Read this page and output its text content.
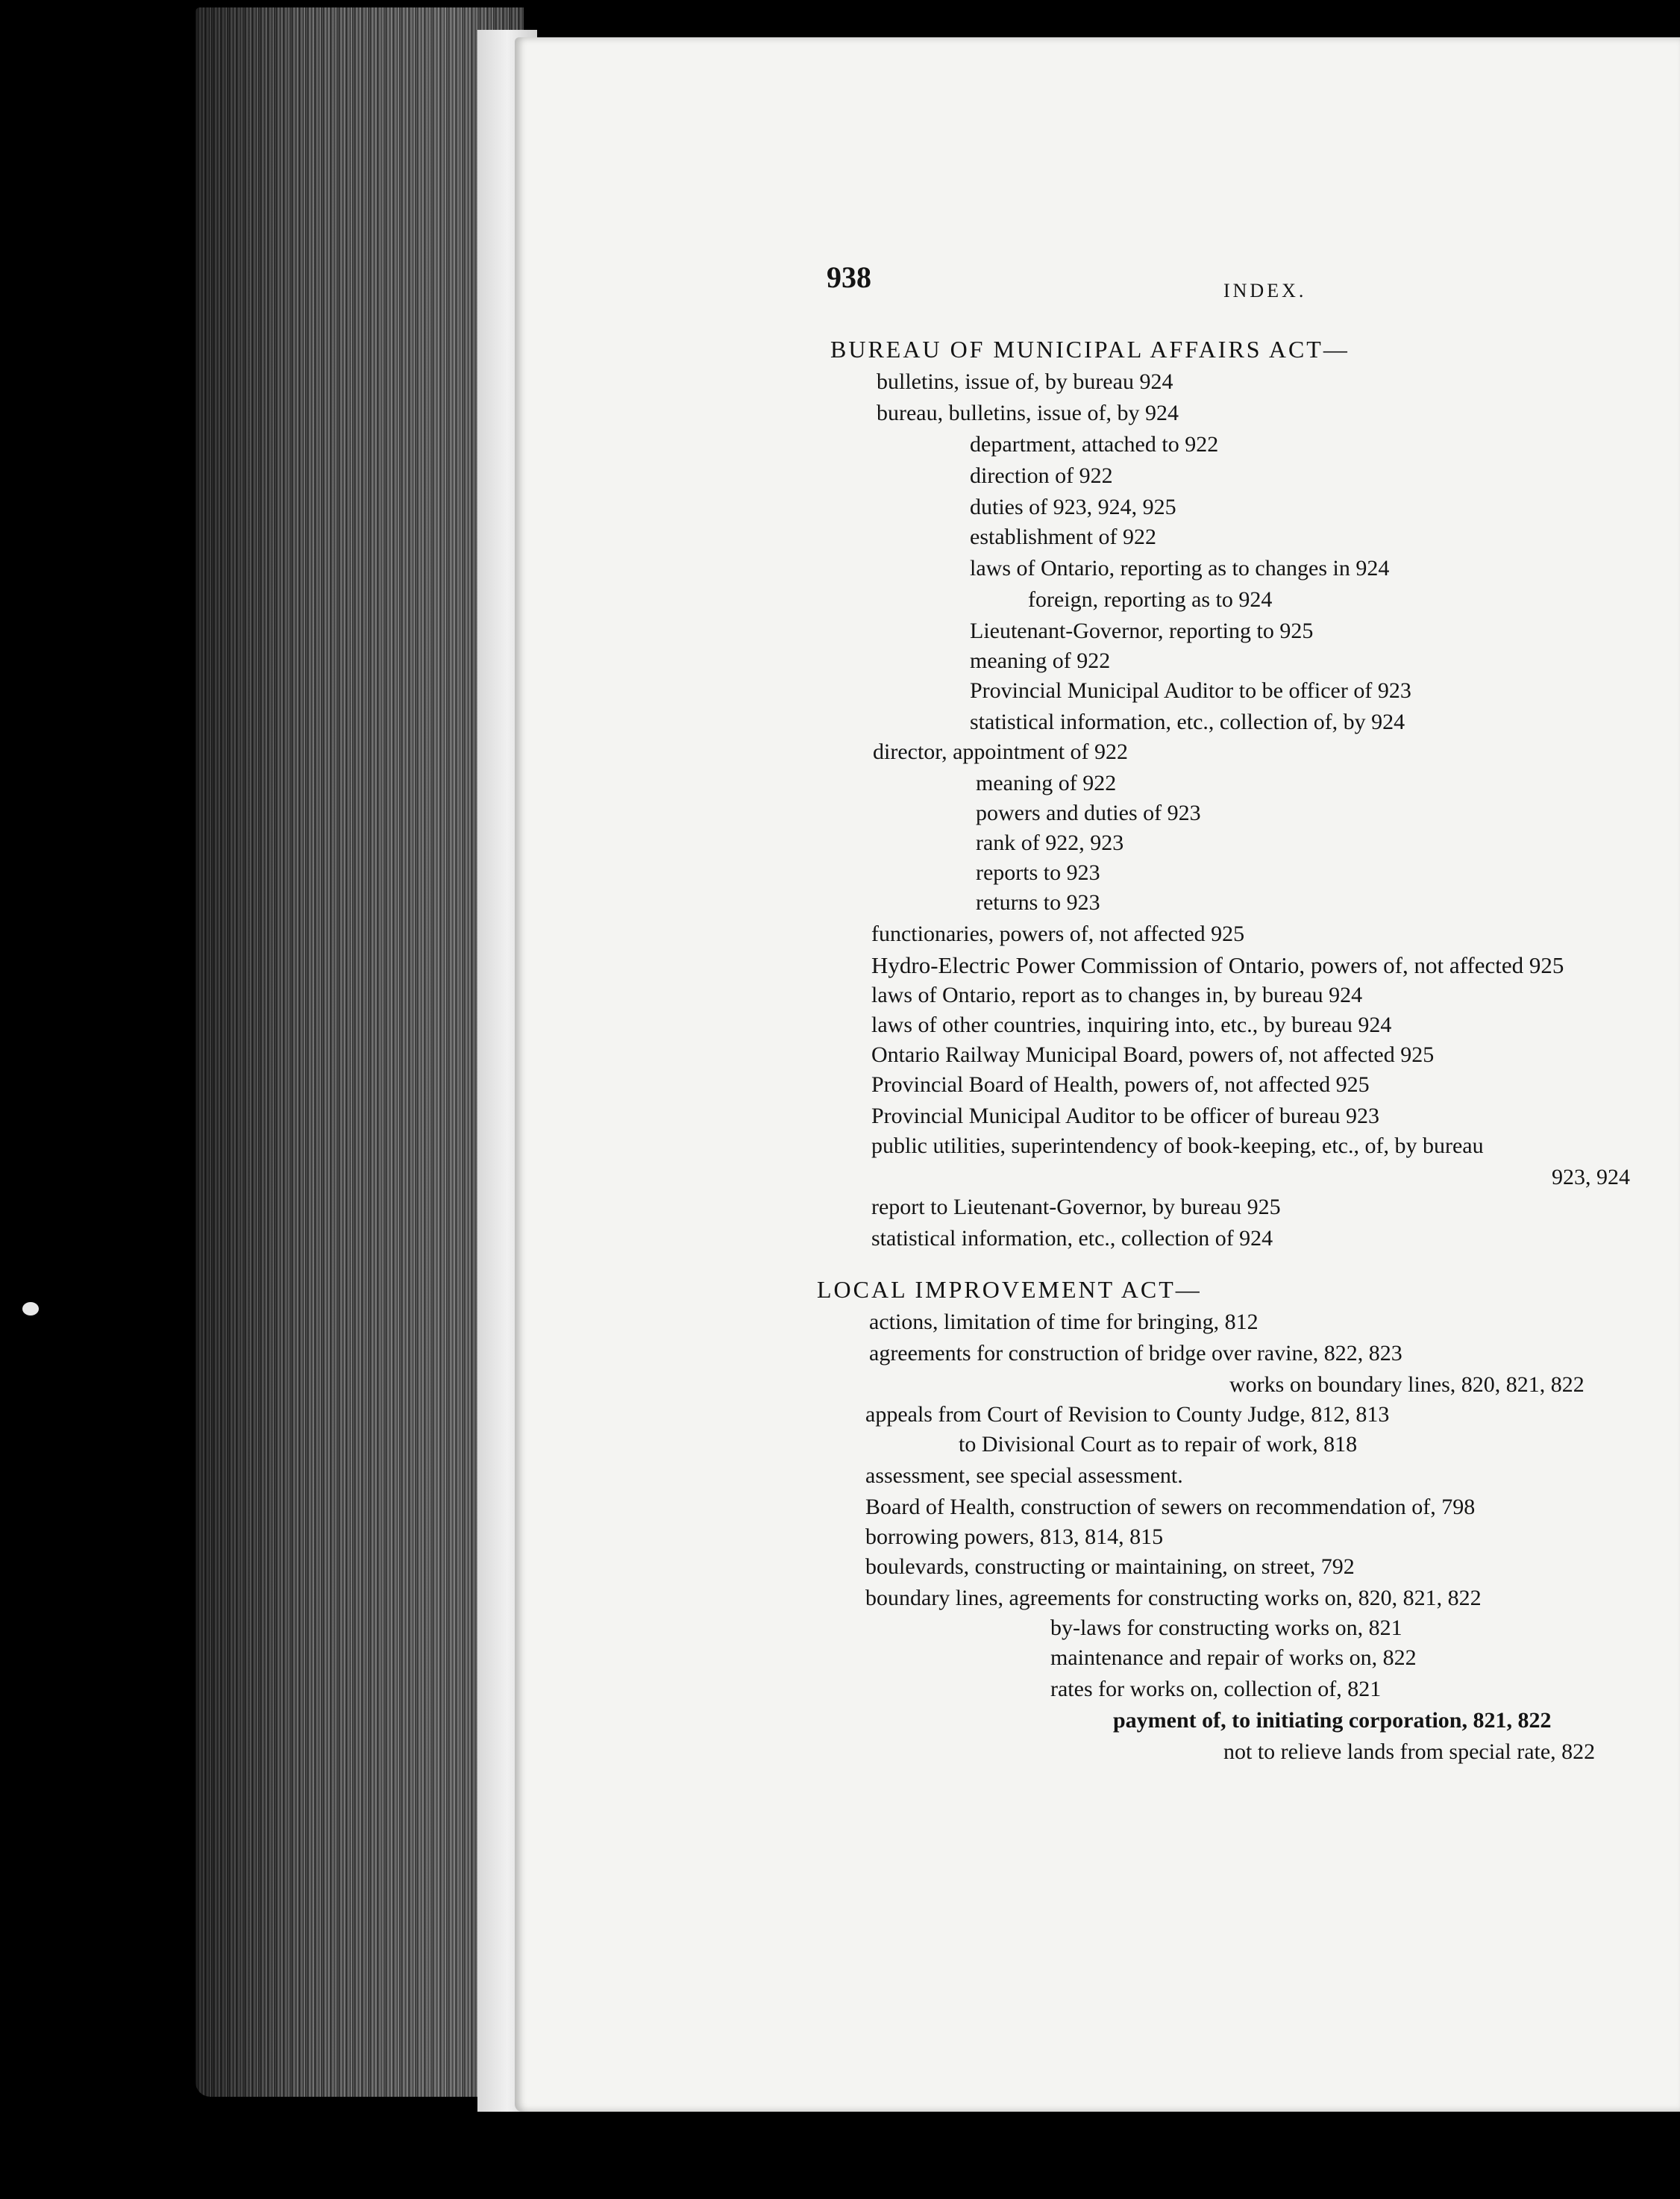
938	INDEX.
BUREAU OF MUNICIPAL AFFAIRS ACT—
bulletins, issue of, by bureau 924
bureau, bulletins, issue of, by 924
department, attached to 922
direction of 922
duties of 923, 924, 925
establishment of 922
laws of Ontario, reporting as to changes in 924
foreign, reporting as to 924
Lieutenant-Governor, reporting to 925
meaning of 922
Provincial Municipal Auditor to be officer of 923
statistical information, etc., collection of, by 924
director, appointment of 922
meaning of 922
powers and duties of 923
rank of 922, 923
reports to 923
returns to 923
functionaries, powers of, not affected 925
Hydro-Electric Power Commission of Ontario, powers of, not affected 925
laws of Ontario, report as to changes in, by bureau 924
laws of other countries, inquiring into, etc., by bureau 924
Ontario Railway Municipal Board, powers of, not affected 925
Provincial Board of Health, powers of, not affected 925
Provincial Municipal Auditor to be officer of bureau 923
public utilities, superintendency of book-keeping, etc., of, by bureau
923, 924
report to Lieutenant-Governor, by bureau 925
statistical information, etc., collection of 924
LOCAL IMPROVEMENT ACT—
actions, limitation of time for bringing, 812
agreements for construction of bridge over ravine, 822, 823
works on boundary lines, 820, 821, 822
appeals from Court of Revision to County Judge, 812, 813
to Divisional Court as to repair of work, 818
assessment, see special assessment.
Board of Health, construction of sewers on recommendation of, 798
borrowing powers, 813, 814, 815
boulevards, constructing or maintaining, on street, 792
boundary lines, agreements for constructing works on, 820, 821, 822
by-laws for constructing works on, 821
maintenance and repair of works on, 822
rates for works on, collection of, 821
payment of, to initiating corporation, 821, 822
not to relieve lands from special rate, 822
